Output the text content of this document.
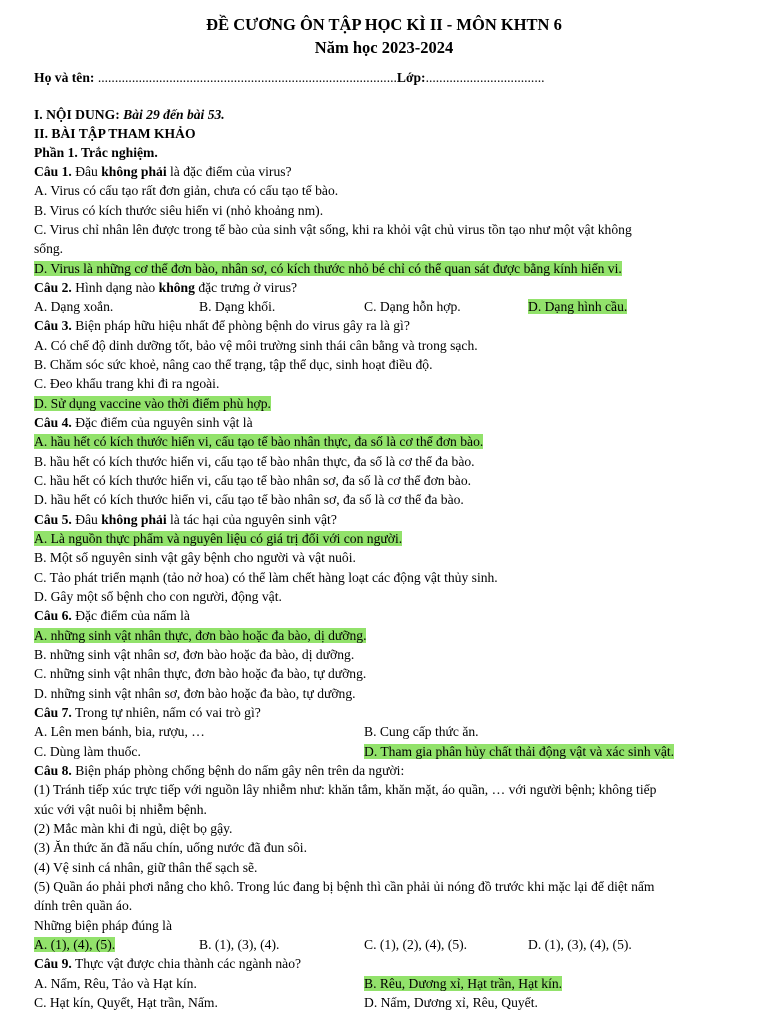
ĐỀ CƯƠNG ÔN TẬP HỌC KÌ II - MÔN KHTN 6
Năm học 2023-2024
Họ và tên: ........................................................................................Lớp:...................................
I. NỘI DUNG: Bài 29 đến bài 53.
II. BÀI TẬP THAM KHẢO
Phần 1. Trắc nghiệm.
Câu 1. Đâu không phải là đặc điểm của virus?
A. Virus có cấu tạo rất đơn giản, chưa có cấu tạo tế bào.
B. Virus có kích thước siêu hiển vi (nhỏ khoảng nm).
C. Virus chỉ nhân lên được trong tế bào của sinh vật sống, khi ra khỏi vật chủ virus tồn tạo như một vật không
sống.
D. Virus là những cơ thể đơn bào, nhân sơ, có kích thước nhỏ bé chỉ có thể quan sát được bằng kính hiển vi.
Câu 2. Hình dạng nào không đặc trưng ở virus?
A. Dạng xoắn.	B. Dạng khối.	C. Dạng hỗn hợp.	D. Dạng hình cầu.
Câu 3. Biện pháp hữu hiệu nhất để phòng bệnh do virus gây ra là gì?
A. Có chế độ dinh dưỡng tốt, bảo vệ môi trường sinh thái cân bằng và trong sạch.
B. Chăm sóc sức khoẻ, nâng cao thể trạng, tập thể dục, sinh hoạt điều độ.
C. Đeo khẩu trang khi đi ra ngoài.
D. Sử dụng vaccine vào thời điểm phù hợp.
Câu 4. Đặc điểm của nguyên sinh vật là
A. hầu hết có kích thước hiển vi, cấu tạo tế bào nhân thực, đa số là cơ thể đơn bào.
B. hầu hết có kích thước hiển vi, cấu tạo tế bào nhân thực, đa số là cơ thể đa bào.
C. hầu hết có kích thước hiển vi, cấu tạo tế bào nhân sơ, đa số là cơ thể đơn bào.
D. hầu hết có kích thước hiển vi, cấu tạo tế bào nhân sơ, đa số là cơ thể đa bào.
Câu 5. Đâu không phải là tác hại của nguyên sinh vật?
A. Là nguồn thực phẩm và nguyên liệu có giá trị đối với con người.
B. Một số nguyên sinh vật gây bệnh cho người và vật nuôi.
C. Tảo phát triển mạnh (tảo nở hoa) có thể làm chết hàng loạt các động vật thủy sinh.
D. Gây một số bệnh cho con người, động vật.
Câu 6. Đặc điểm của nấm là
A. những sinh vật nhân thực, đơn bào hoặc đa bào, dị dưỡng.
B. những sinh vật nhân sơ, đơn bào hoặc đa bào, dị dưỡng.
C. những sinh vật nhân thực, đơn bào hoặc đa bào, tự dưỡng.
D. những sinh vật nhân sơ, đơn bào hoặc đa bào, tự dưỡng.
Câu 7. Trong tự nhiên, nấm có vai trò gì?
A. Lên men bánh, bia, rượu, …	B. Cung cấp thức ăn.
C. Dùng làm thuốc.	D. Tham gia phân hủy chất thải động vật và xác sinh vật.
Câu 8. Biện pháp phòng chống bệnh do nấm gây nên trên da người:
(1) Tránh tiếp xúc trực tiếp với nguồn lây nhiễm như: khăn tắm, khăn mặt, áo quần, … với người bệnh; không tiếp
xúc với vật nuôi bị nhiễm bệnh.
(2) Mắc màn khi đi ngủ, diệt bọ gậy.
(3) Ăn thức ăn đã nấu chín, uống nước đã đun sôi.
(4) Vệ sinh cá nhân, giữ thân thể sạch sẽ.
(5) Quần áo phải phơi nắng cho khô. Trong lúc đang bị bệnh thì cần phải ủi nóng đồ trước khi mặc lại để diệt nấm
dính trên quần áo.
Những biện pháp đúng là
A. (1), (4), (5).	B. (1), (3), (4).	C. (1), (2), (4), (5).	D. (1), (3), (4), (5).
Câu 9. Thực vật được chia thành các ngành nào?
A. Nấm, Rêu, Tảo và Hạt kín.	B. Rêu, Dương xỉ, Hạt trần, Hạt kín.
C. Hạt kín, Quyết, Hạt trần, Nấm.	D. Nấm, Dương xỉ, Rêu, Quyết.
